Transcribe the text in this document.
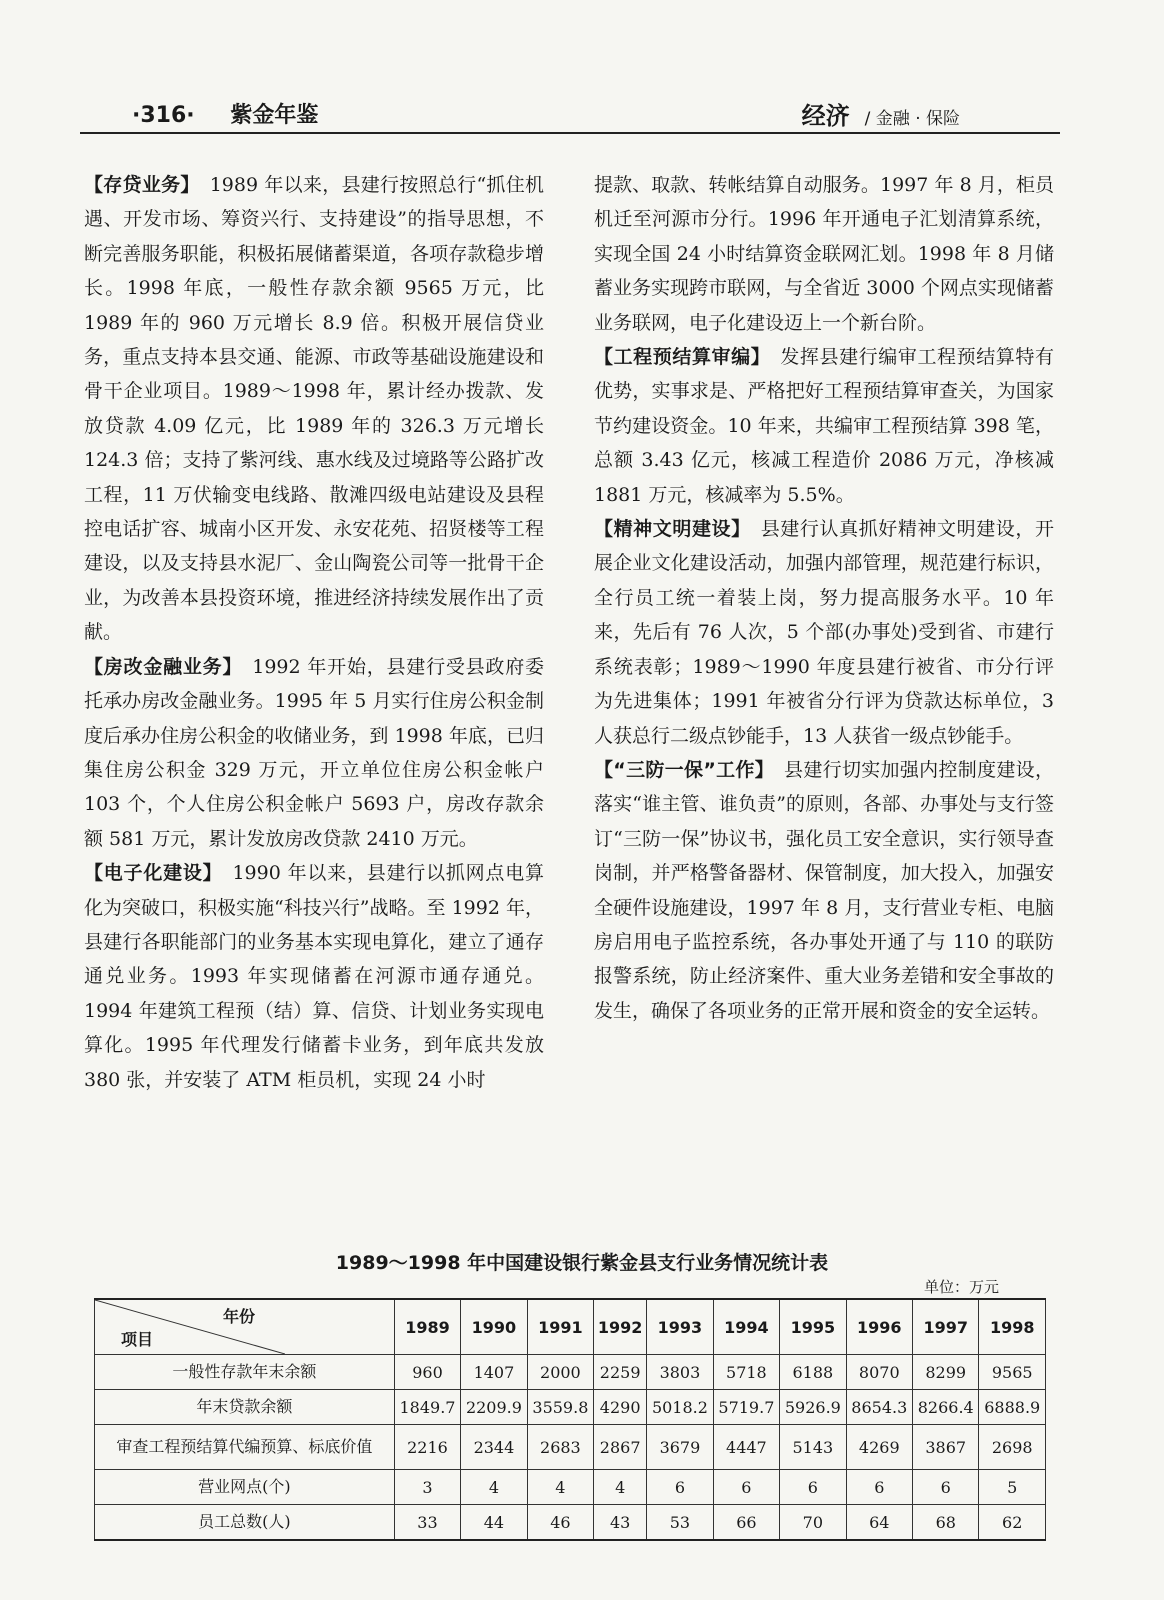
·316· 紫金年鉴	经济 / 金融 · 保险

【存贷业务】 1989 年以来，县建行按照总行“抓住机遇、开发市场、筹资兴行、支持建设”的指导思想，不断完善服务职能，积极拓展储蓄渠道，各项存款稳步增长。1998 年底，一般性存款余额 9565 万元，比 1989 年的 960 万元增长 8.9 倍。积极开展信贷业务，重点支持本县交通、能源、市政等基础设施建设和骨干企业项目。1989～1998 年，累计经办拨款、发放贷款 4.09 亿元，比 1989 年的 326.3 万元增长 124.3 倍；支持了紫河线、惠水线及过境路等公路扩改工程，11 万伏输变电线路、散滩四级电站建设及县程控电话扩容、城南小区开发、永安花苑、招贤楼等工程建设，以及支持县水泥厂、金山陶瓷公司等一批骨干企业，为改善本县投资环境，推进经济持续发展作出了贡献。

【房改金融业务】 1992 年开始，县建行受县政府委托承办房改金融业务。1995 年 5 月实行住房公积金制度后承办住房公积金的收储业务，到 1998 年底，已归集住房公积金 329 万元，开立单位住房公积金帐户 103 个，个人住房公积金帐户 5693 户，房改存款余额 581 万元，累计发放房改贷款 2410 万元。

【电子化建设】 1990 年以来，县建行以抓网点电算化为突破口，积极实施“科技兴行”战略。至 1992 年，县建行各职能部门的业务基本实现电算化，建立了通存通兑业务。1993 年实现储蓄在河源市通存通兑。1994 年建筑工程预（结）算、信贷、计划业务实现电算化。1995 年代理发行储蓄卡业务，到年底共发放 380 张，并安装了 ATM 柜员机，实现 24 小时

提款、取款、转帐结算自动服务。1997 年 8 月，柜员机迁至河源市分行。1996 年开通电子汇划清算系统，实现全国 24 小时结算资金联网汇划。1998 年 8 月储蓄业务实现跨市联网，与全省近 3000 个网点实现储蓄业务联网，电子化建设迈上一个新台阶。

【工程预结算审编】 发挥县建行编审工程预结算特有优势，实事求是、严格把好工程预结算审查关，为国家节约建设资金。10 年来，共编审工程预结算 398 笔，总额 3.43 亿元，核减工程造价 2086 万元，净核减 1881 万元，核减率为 5.5%。

【精神文明建设】 县建行认真抓好精神文明建设，开展企业文化建设活动，加强内部管理，规范建行标识，全行员工统一着装上岗，努力提高服务水平。10 年来，先后有 76 人次，5 个部(办事处)受到省、市建行系统表彰；1989～1990 年度县建行被省、市分行评为先进集体；1991 年被省分行评为贷款达标单位，3 人获总行二级点钞能手，13 人获省一级点钞能手。

【“三防一保”工作】 县建行切实加强内控制度建设，落实“谁主管、谁负责”的原则，各部、办事处与支行签订“三防一保”协议书，强化员工安全意识，实行领导查岗制，并严格警备器材、保管制度，加大投入，加强安全硬件设施建设，1997 年 8 月，支行营业专柜、电脑房启用电子监控系统，各办事处开通了与 110 的联防报警系统，防止经济案件、重大业务差错和安全事故的发生，确保了各项业务的正常开展和资金的安全运转。

1989～1998 年中国建设银行紫金县支行业务情况统计表
单位：万元
年份
项目	1989	1990	1991	1992	1993	1994	1995	1996	1997	1998
一般性存款年末余额	960	1407	2000	2259	3803	5718	6188	8070	8299	9565
年末贷款余额	1849.7	2209.9	3559.8	4290	5018.2	5719.7	5926.9	8654.3	8266.4	6888.9
审查工程预结算代编预算、标底价值	2216	2344	2683	2867	3679	4447	5143	4269	3867	2698
营业网点(个)	3	4	4	4	6	6	6	6	6	5
员工总数(人)	33	44	46	43	53	66	70	64	68	62
